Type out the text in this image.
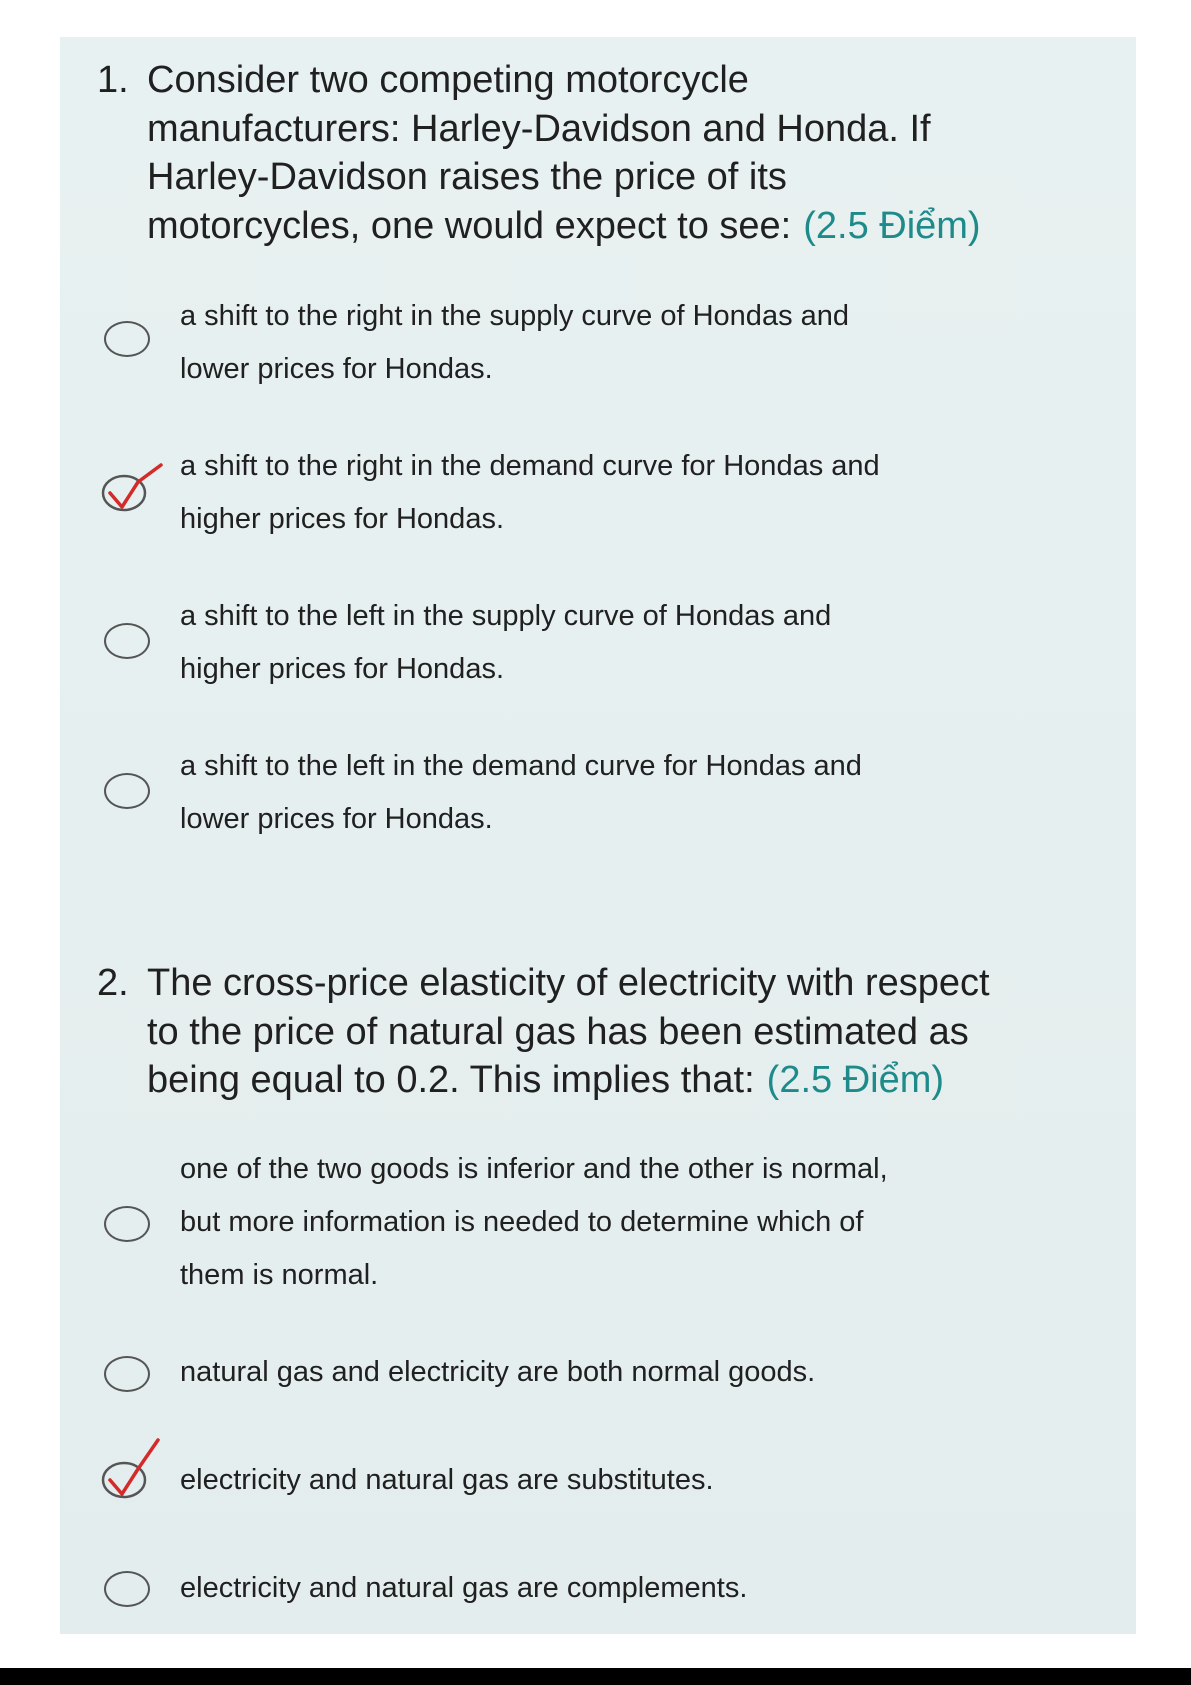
1. Consider two competing motorcycle
manufacturers: Harley-Davidson and Honda. If
Harley-Davidson raises the price of its
motorcycles, one would expect to see: (2.5 Điểm)
a shift to the right in the supply curve of Hondas and
lower prices for Hondas.
a shift to the right in the demand curve for Hondas and
higher prices for Hondas.
a shift to the left in the supply curve of Hondas and
higher prices for Hondas.
a shift to the left in the demand curve for Hondas and
lower prices for Hondas.
2. The cross-price elasticity of electricity with respect
to the price of natural gas has been estimated as
being equal to 0.2. This implies that: (2.5 Điểm)
one of the two goods is inferior and the other is normal,
but more information is needed to determine which of
them is normal.
natural gas and electricity are both normal goods.
electricity and natural gas are substitutes.
electricity and natural gas are complements.
